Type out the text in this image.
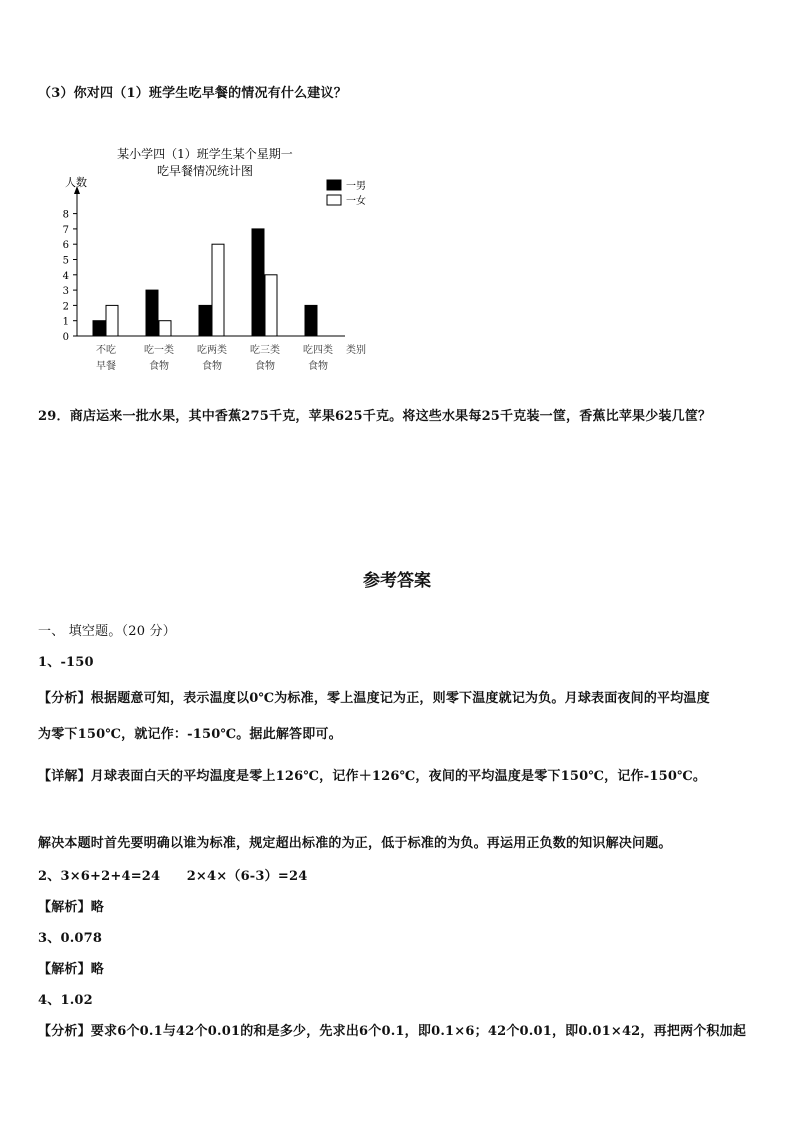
（3）你对四（1）班学生吃早餐的情况有什么建议？
某小学四（1）班学生某个星期一
吃早餐情况统计图
人数
0
1
2
3
4
5
6
7
8
不吃
早餐
吃一类
食物
吃两类
食物
吃三类
食物
吃四类
食物
类别
一男
一女
29．商店运来一批水果，其中香蕉275千克，苹果625千克。将这些水果每25千克装一筐，香蕉比苹果少装几筐？
参考答案
一、 填空题。（20 分）
1、-150
【分析】根据题意可知，表示温度以0℃为标准，零上温度记为正，则零下温度就记为负。月球表面夜间的平均温度
为零下150℃，就记作：-150℃。据此解答即可。
【详解】月球表面白天的平均温度是零上126℃，记作＋126℃，夜间的平均温度是零下150℃，记作-150℃。
解决本题时首先要明确以谁为标准，规定超出标准的为正，低于标准的为负。再运用正负数的知识解决问题。
2、3×6+2+4=24　　2×4×（6-3）=24
【解析】略
3、0.078
【解析】略
4、1.02
【分析】要求6个0.1与42个0.01的和是多少，先求出6个0.1，即0.1×6；42个0.01，即0.01×42，再把两个积加起
